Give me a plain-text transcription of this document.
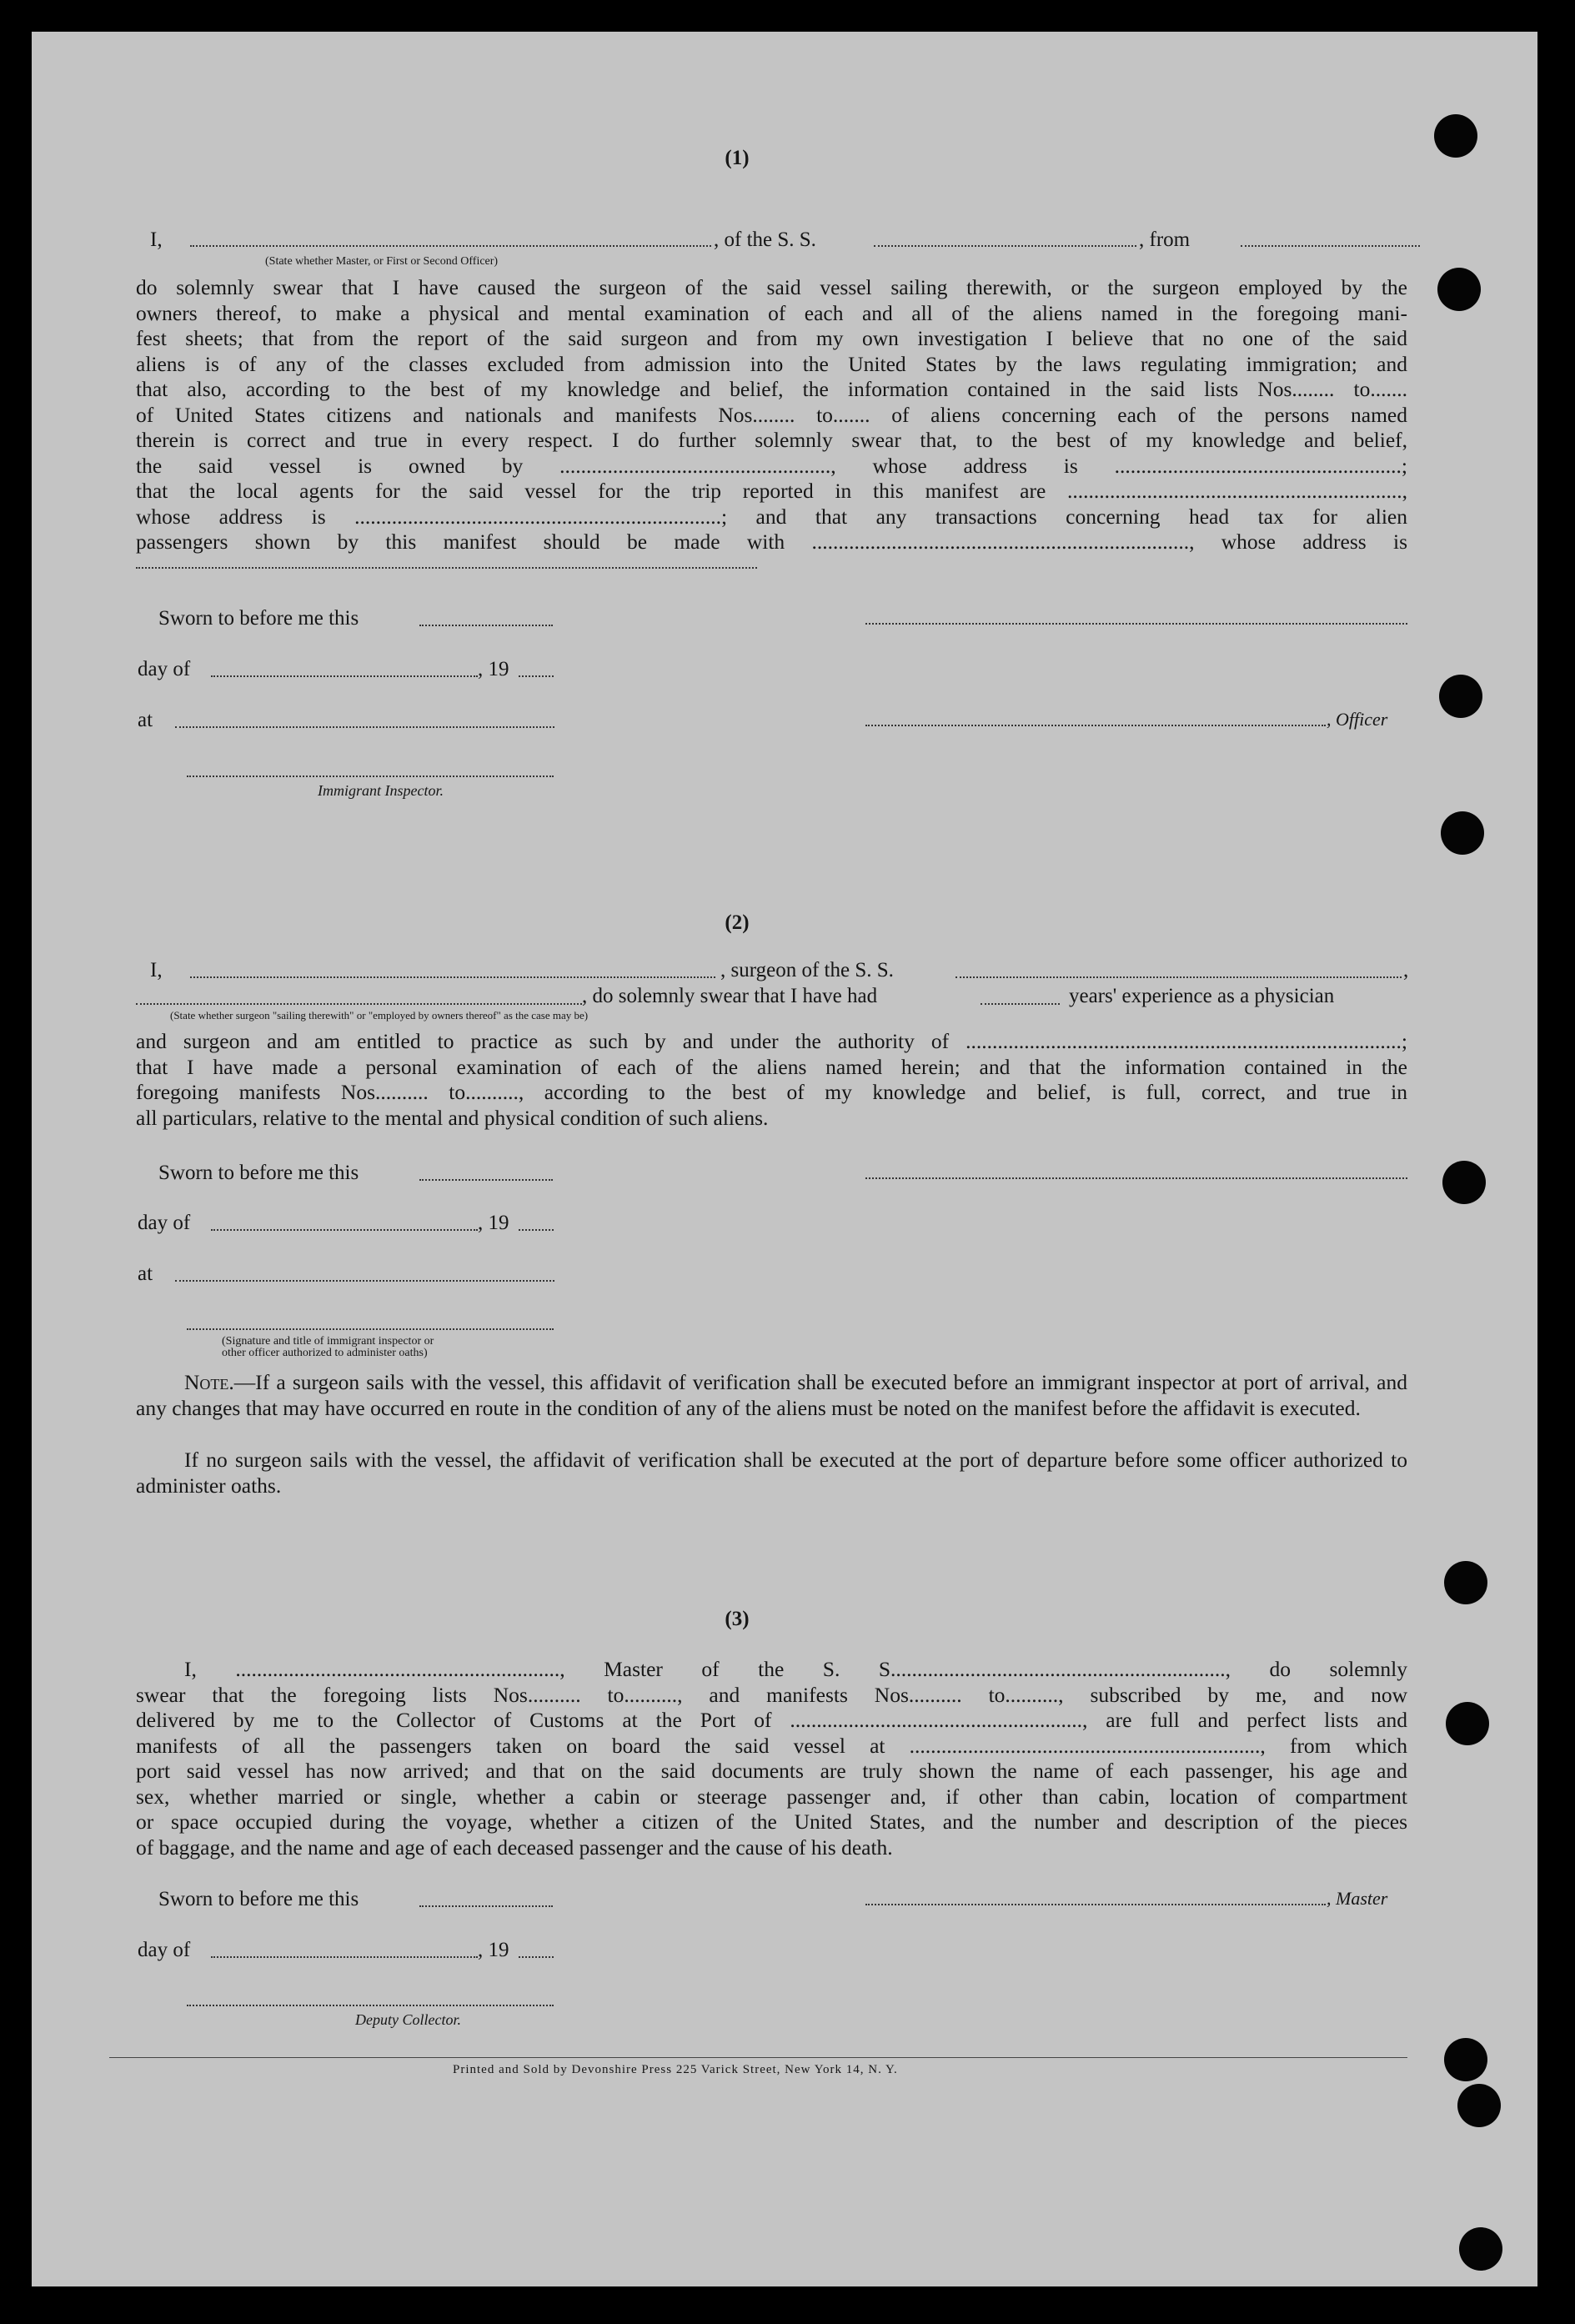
(1)
I,	, of the S. S.	, from
(State whether Master, or First or Second Officer)
do solemnly swear that I have caused the surgeon of the said vessel sailing therewith, or the surgeon employed by the
owners thereof, to make a physical and mental examination of each and all of the aliens named in the foregoing mani-
fest sheets; that from the report of the said surgeon and from my own investigation I believe that no one of the said
aliens is of any of the classes excluded from admission into the United States by the laws regulating immigration; and
that also, according to the best of my knowledge and belief, the information contained in the said lists Nos........ to.......
of United States citizens and nationals and manifests Nos........ to....... of aliens concerning each of the persons named
therein is correct and true in every respect. I do further solemnly swear that, to the best of my knowledge and belief,
the said vessel is owned by ..................................................., whose address is ......................................................;
that the local agents for the said vessel for the trip reported in this manifest are ...............................................................,
whose address is .....................................................................; and that any transactions concerning head tax for alien
passengers shown by this manifest should be made with ......................................................................., whose address is
Sworn to before me this
day of	, 19
at	, Officer
Immigrant Inspector.
(2)
I,	, surgeon of the S. S.	,
, do solemnly swear that I have had	years' experience as a physician
(State whether surgeon "sailing therewith" or "employed by owners thereof" as the case may be)
and surgeon and am entitled to practice as such by and under the authority of ..................................................................................;
that I have made a personal examination of each of the aliens named herein; and that the information contained in the
foregoing manifests Nos.......... to.........., according to the best of my knowledge and belief, is full, correct, and true in
all particulars, relative to the mental and physical condition of such aliens.
Sworn to before me this
day of	, 19
at
(Signature and title of immigrant inspector or
other officer authorized to administer oaths)
Note.—If a surgeon sails with the vessel, this affidavit of verification shall be executed before an immigrant inspector at port of arrival, and any changes that may have occurred en route in the condition of any of the aliens must be noted on the manifest before the affidavit is executed.
If no surgeon sails with the vessel, the affidavit of verification shall be executed at the port of departure before some officer authorized to administer oaths.
(3)
I, ............................................................., Master of the S. S..............................................................., do solemnly
swear that the foregoing lists Nos.......... to.........., and manifests Nos.......... to.........., subscribed by me, and now
delivered by me to the Collector of Customs at the Port of ......................................................., are full and perfect lists and
manifests of all the passengers taken on board the said vessel at .................................................................., from which
port said vessel has now arrived; and that on the said documents are truly shown the name of each passenger, his age and
sex, whether married or single, whether a cabin or steerage passenger and, if other than cabin, location of compartment
or space occupied during the voyage, whether a citizen of the United States, and the number and description of the pieces
of baggage, and the name and age of each deceased passenger and the cause of his death.
Sworn to before me this	, Master
day of	, 19
Deputy Collector.
Printed and Sold by Devonshire Press 225 Varick Street, New York 14, N. Y.
